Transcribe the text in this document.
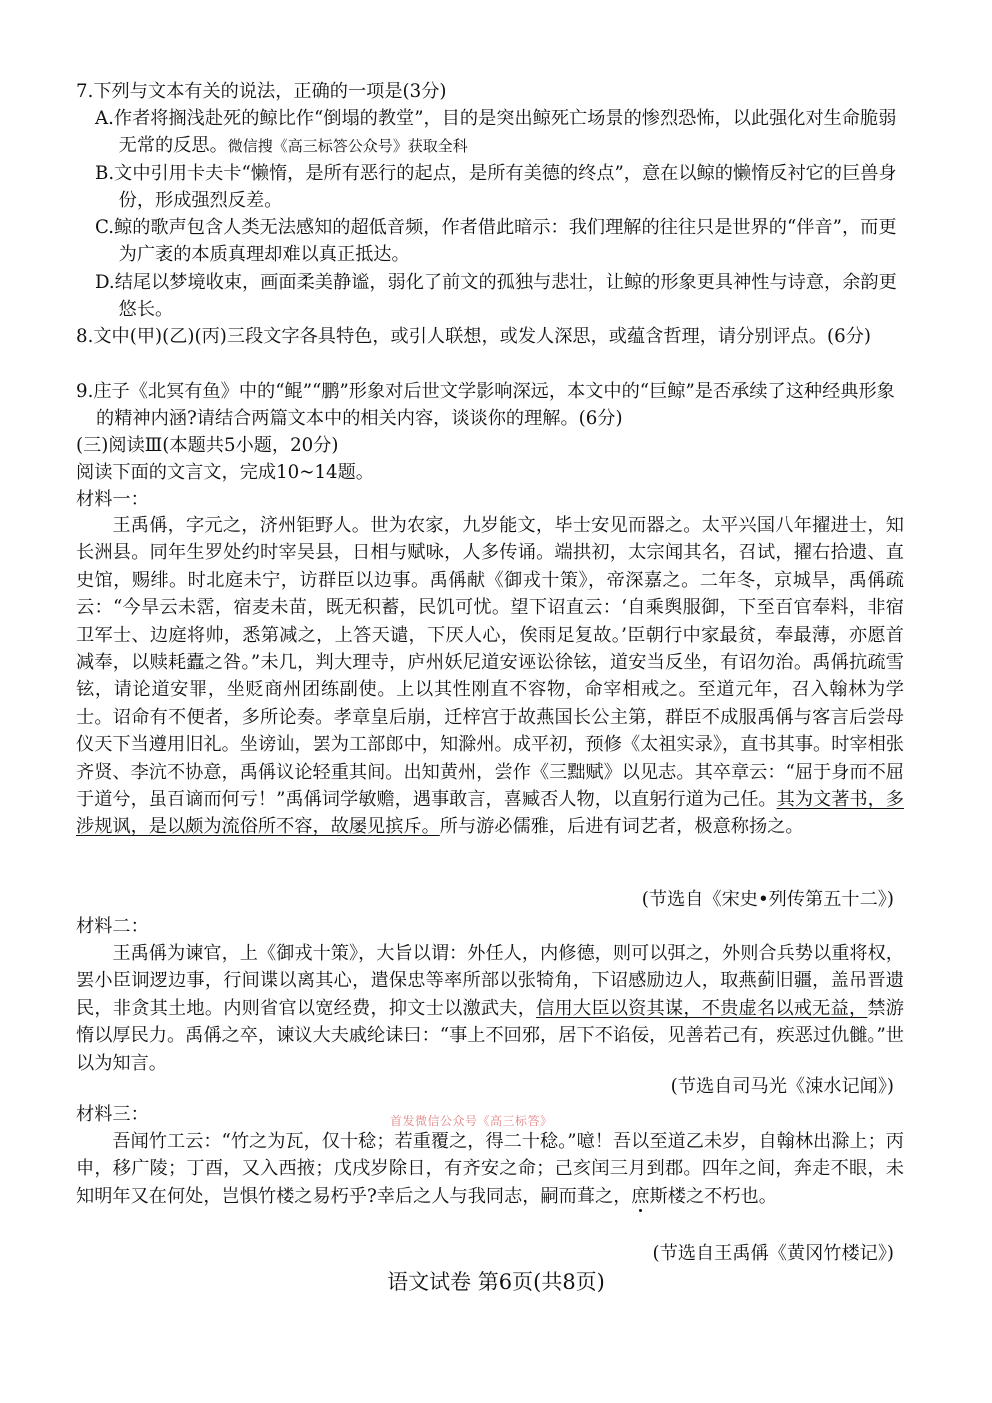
7.下列与文本有关的说法，正确的一项是(3分)

A.作者将搁浅赴死的鲸比作“倒塌的教堂”，目的是突出鲸死亡场景的惨烈恐怖，以此强化对生命脆弱无常的反思。微信搜《高三标答公众号》获取全科

B.文中引用卡夫卡“懒惰，是所有恶行的起点，是所有美德的终点”，意在以鲸的懒惰反衬它的巨兽身份，形成强烈反差。

C.鲸的歌声包含人类无法感知的超低音频，作者借此暗示：我们理解的往往只是世界的“伴音”，而更为广袤的本质真理却难以真正抵达。

D.结尾以梦境收束，画面柔美静谧，弱化了前文的孤独与悲壮，让鲸的形象更具神性与诗意，余韵更悠长。

8.文中(甲)(乙)(丙)三段文字各具特色，或引人联想，或发人深思，或蕴含哲理，请分别评点。(6分)

9.庄子《北冥有鱼》中的“鲲”“鹏”形象对后世文学影响深远，本文中的“巨鲸”是否承续了这种经典形象的精神内涵?请结合两篇文本中的相关内容，谈谈你的理解。(6分)

(三)阅读Ⅲ(本题共5小题，20分)

阅读下面的文言文，完成10~14题。

材料一：

王禹偁，字元之，济州钜野人。世为农家，九岁能文，毕士安见而器之。太平兴国八年擢进士，知长洲县。同年生罗处约时宰吴县，日相与赋咏，人多传诵。端拱初，太宗闻其名，召试，擢右拾遗、直史馆，赐绯。时北庭未宁，访群臣以边事。禹偁献《御戎十策》，帝深嘉之。二年冬，京城旱，禹偁疏云：“今旱云未霑，宿麦未苗，既无积蓄，民饥可忧。望下诏直云：‘自乘舆服御，下至百官奉料，非宿卫军士、边庭将帅，悉第减之，上答天谴，下厌人心，俟雨足复故。’臣朝行中家最贫，奉最薄，亦愿首减奉，以赎耗蠹之咎。”未几，判大理寺，庐州妖尼道安诬讼徐铉，道安当反坐，有诏勿治。禹偁抗疏雪铉，请论道安罪，坐贬商州团练副使。上以其性刚直不容物，命宰相戒之。至道元年，召入翰林为学士。诏命有不便者，多所论奏。孝章皇后崩，迁梓宫于故燕国长公主第，群臣不成服禹偁与客言后尝母仪天下当遵用旧礼。坐谤讪，罢为工部郎中，知滁州。成平初，预修《太祖实录》，直书其事。时宰相张齐贤、李沆不协意，禹偁议论轻重其间。出知黄州，尝作《三黜赋》以见志。其卒章云：“屈于身而不屈于道兮，虽百谪而何亏！”禹偁词学敏赡，遇事敢言，喜臧否人物，以直躬行道为己任。其为文著书，多涉规讽，是以颇为流俗所不容，故屡见摈斥。所与游必儒雅，后进有词艺者，极意称扬之。

(节选自《宋史•列传第五十二》)

材料二：

王禹偁为谏官，上《御戎十策》，大旨以谓：外任人，内修德，则可以弭之，外则合兵势以重将权，罢小臣诇逻边事，行间谍以离其心，遣保忠等率所部以张犄角，下诏感励边人，取燕蓟旧疆，盖吊晋遗民，非贪其土地。内则省官以宽经费，抑文士以激武夫，信用大臣以资其谋，不贵虚名以戒无益，禁游惰以厚民力。禹偁之卒，谏议大夫戚纶诔曰：“事上不回邪，居下不谄佞，见善若己有，疾恶过仇雠。”世以为知言。

(节选自司马光《涑水记闻》)

材料三：

吾闻竹工云：“竹之为瓦，仅十稔；若重覆之，得二十稔。”噫！吾以至道乙未岁，自翰林出滁上；丙申，移广陵；丁酉，又入西掖；戊戌岁除日，有齐安之命；己亥闰三月到郡。四年之间，奔走不眼，未知明年又在何处，岂惧竹楼之易朽乎?幸后之人与我同志，嗣而葺之，庶斯楼之不朽也。

(节选自王禹偁《黄冈竹楼记》)

首发微信公众号《高三标答》
语文试卷 第6页(共8页)
